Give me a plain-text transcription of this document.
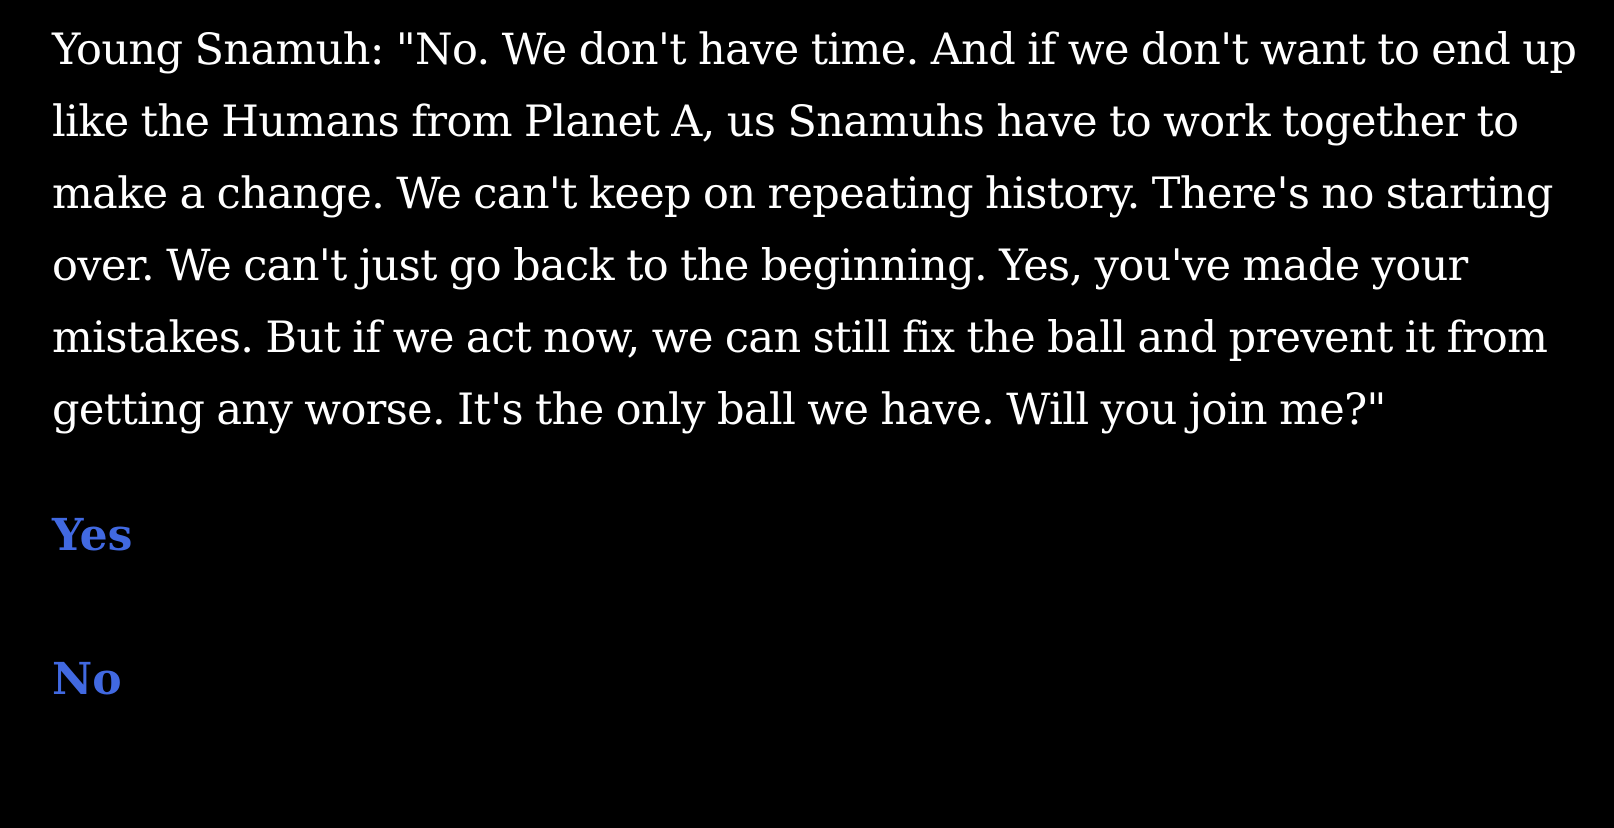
Young Snamuh: "No. We don't have time. And if we don't want to end up like the Humans from Planet A, us Snamuhs have to work together to make a change. We can't keep on repeating history. There's no starting over. We can't just go back to the beginning. Yes, you've made your mistakes. But if we act now, we can still fix the ball and prevent it from getting any worse. It's the only ball we have. Will you join me?"
Yes
No
